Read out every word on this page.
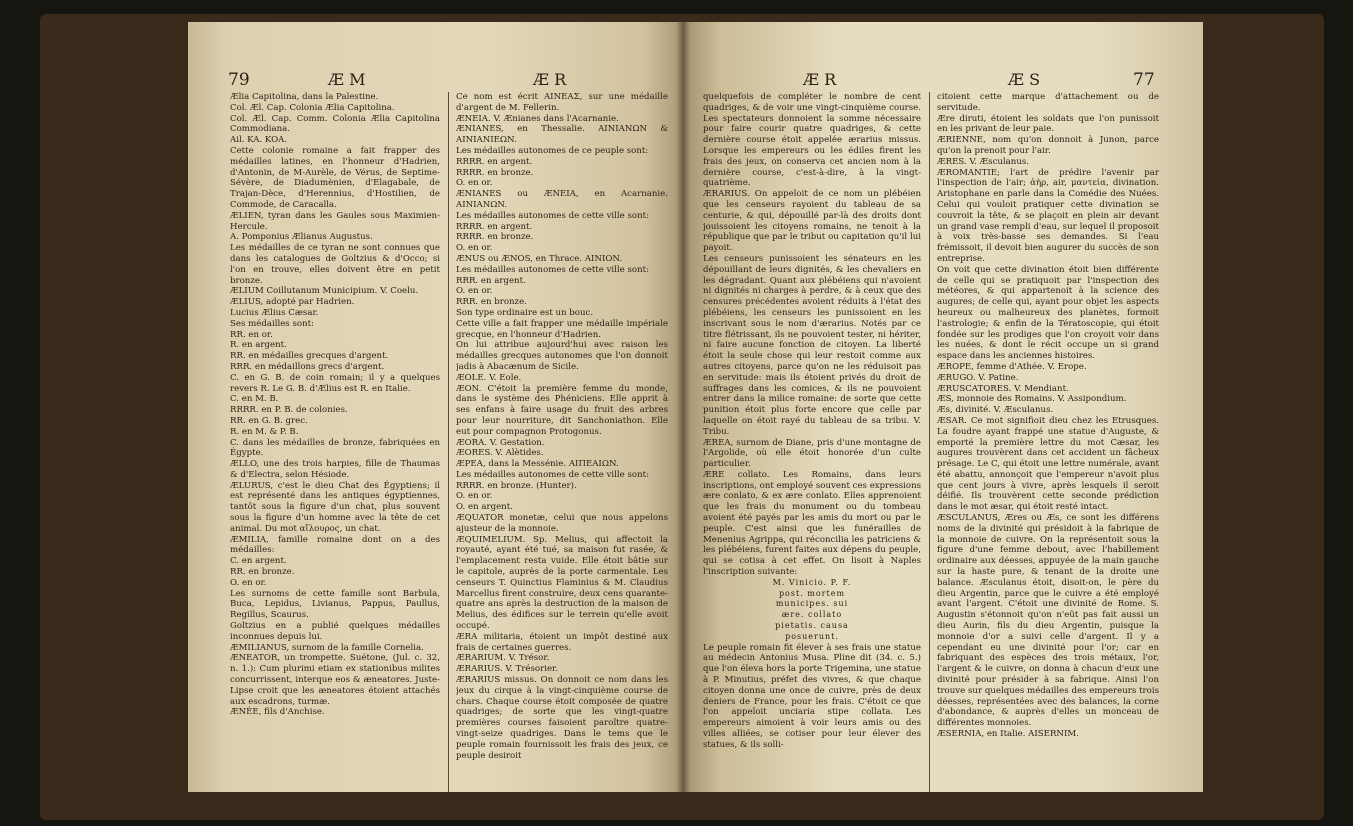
79	Æ M	Æ R

Ælia Capitolina, dans la Palestine.

Col. Æl. Cap. Colonia Ælia Capitolina.

Col. Æl. Cap. Comm. Colonia Ælia Capitolina Commodiana.

Ail. KA. KOA.

Cette colonie romaine a fait frapper des médailles latines, en l'honneur d'Hadrien, d'Antonin, de M-Aurèle, de Vérus, de Septime-Sévère, de Diadumènien, d'Elagabale, de Trajan-Dèce, d'Herennius, d'Hostilien, de Commode, de Caracalla.

ÆLIEN, tyran dans les Gaules sous Maximien-Hercule.

A. Pomponius Ælianus Augustus.

Les médailles de ce tyran ne sont connues que dans les catalogues de Goltzius & d'Occo; si l'on en trouve, elles doivent être en petit bronze.

ÆLIUM Coillutanum Municipium. V. Coelu.

ÆLIUS, adopté par Hadrien.

Lucius Ælius Cæsar.

Ses médailles sont:

RR. en or.

R. en argent.

RR. en médailles grecques d'argent.

RRR. en médaillons grecs d'argent.

C. en G. B. de coin romain; il y a quelques revers R. Le G. B. d'Ælius est R. en Italie.

C. en M. B.

RRRR. en P. B. de colonies.

RR. en G. B. grec.

R. en M. & P. B.

C. dans les médailles de bronze, fabriquées en Égypte.

ÆLLO, une des trois harpies, fille de Thaumas & d'Electra, selon Hésiode.

ÆLURUS, c'est le dieu Chat des Égyptiens; il est représenté dans les antiques égyptiennes, tantôt sous la figure d'un chat, plus souvent sous la figure d'un homme avec la tête de cet animal. Du mot αἴλουρος, un chat.

ÆMILIA, famille romaine dont on a des médailles:

C. en argent.

RR. en bronze.

O. en or.

Les surnoms de cette famille sont Barbula, Buca, Lepidus, Livianus, Pappus, Paullus, Regillus, Scaurus.

Goltzius en a publié quelques médailles inconnues depuis lui.

ÆMILIANUS, surnom de la famille Cornelia.

ÆNEATOR, un trompette. Suétone, (Jul. c. 32, n. 1.): Cum plurimi etiam ex stationibus milites concurrissent, interque eos & æneatores. Juste-Lipse croit que les æneatores étoient attachés aux escadrons, turmæ.

ÆNÉE, fils d'Anchise.

Ce nom est écrit AINEAΣ, sur une médaille d'argent de M. Fellerin.

ÆNEIA. V. Ænianes dans l'Acarnanie.

ÆNIANES, en Thessalie. AINIANΩN & AINIANIEΩN.

Les médailles autonomes de ce peuple sont:

RRRR. en argent.

RRRR. en bronze.

O. en or.

ÆNIANES ou ÆNEIA, en Acarnanie. AINIANΩN.

Les médailles autonomes de cette ville sont:

RRRR. en argent.

RRRR. en bronze.

O. en or.

ÆNUS ou ÆNOS, en Thrace. AINION.

Les médailles autonomes de cette ville sont:

RRR. en argent.

O. en or.

RRR. en bronze.

Son type ordinaire est un bouc.

Cette ville a fait frapper une médaille impériale grecque, en l'honneur d'Hadrien.

On lui attribue aujourd'hui avec raison les médailles grecques autonomes que l'on donnoit jadis à Abacænum de Sicile.

ÆOLE. V. Eole.

ÆON. C'étoit la première femme du monde, dans le système des Phéniciens. Elle apprit à ses enfans à faire usage du fruit des arbres pour leur nourriture, dit Sanchoniathon. Elle eut pour compagnon Protogonus.

ÆORA. V. Gestation.

ÆORES. V. Alètides.

ÆPEA, dans la Messénie. AIΠEAIΩN.

Les médailles autonomes de cette ville sont:

RRRR. en bronze. (Hunter).

O. en or.

O. en argent.

ÆQUATOR monetæ, celui que nous appelons ajusteur de la monnoie.

ÆQUIMELIUM. Sp. Melius, qui affectoit la royauté, ayant été tué, sa maison fut rasée, & l'emplacement resta vuide. Elle étoit bâtie sur le capitole, auprès de la porte carmentale. Les censeurs T. Quinctius Flaminius & M. Claudius Marcellus firent construire, deux cens quarante-quatre ans après la destruction de la maison de Melius, des édifices sur le terrein qu'elle avoit occupé.

ÆRA militaria, étoient un impôt destiné aux frais de certaines guerres.

ÆRARIUM. V. Trésor.

ÆRARIUS. V. Trésorier.

ÆRARIUS missus. On donnoit ce nom dans les jeux du cirque à la vingt-cinquième course de chars. Chaque course étoit composée de quatre quadriges; de sorte que les vingt-quatre premières courses faisoient paroître quatre-vingt-seize quadriges. Dans le tems que le peuple romain fournissoit les frais des jeux, ce peuple desiroit

Æ R	Æ S	77

quelquefois de compléter le nombre de cent quadriges, & de voir une vingt-cinquième course. Les spectateurs donnoient la somme nécessaire pour faire courir quatre quadriges, & cette dernière course étoit appelée ærarius missus. Lorsque les empereurs ou les édiles firent les frais des jeux, on conserva cet ancien nom à la dernière course, c'est-à-dire, à la vingt-quatrième.

ÆRARIUS. On appeloit de ce nom un plébéien que les censeurs rayoient du tableau de sa centurie, & qui, dépouillé par-là des droits dont jouissoient les citoyens romains, ne tenoit à la république que par le tribut ou capitation qu'il lui payoit.

Les censeurs punissoient les sénateurs en les dépouillant de leurs dignités, & les chevaliers en les dégradant. Quant aux plébéiens qui n'avoient ni dignités ni charges à perdre, & à ceux que des censures précédentes avoient réduits à l'état des plébéiens, les censeurs les punissoient en les inscrivant sous le nom d'ærarius. Notés par ce titre flétrissant, ils ne pouvoient tester, ni hériter, ni faire aucune fonction de citoyen. La liberté étoit la seule chose qui leur restoit comme aux autres citoyens, parce qu'on ne les réduisoit pas en servitude: mais ils étoient privés du droit de suffrages dans les comices, & ils ne pouvoient entrer dans la milice romaine: de sorte que cette punition étoit plus forte encore que celle par laquelle on étoit rayé du tableau de sa tribu. V. Tribu.

ÆREA, surnom de Diane, pris d'une montagne de l'Argolide, où elle étoit honorée d'un culte particulier.

ÆRE collato. Les Romains, dans leurs inscriptions, ont employé souvent ces expressions ære conlato, & ex ære conlato. Elles apprenoient que les frais du monument ou du tombeau avoient été payés par les amis du mort ou par le peuple. C'est ainsi que les funérailles de Menenius Agrippa, qui réconcilia les patriciens & les plébéiens, furent faites aux dépens du peuple, qui se cotisa à cet effet. On lisoit à Naples l'inscription suivante:

M. Vinicio. P. F.

post. mortem

municipes. sui

ære. collato

pietatis. causa

posuerunt.

Le peuple romain fit élever à ses frais une statue au médecin Antonius Musa. Pline dit (34. c. 5.) que l'on éleva hors la porte Trigemina, une statue à P. Minutius, préfet des vivres, & que chaque citoyen donna une once de cuivre, près de deux deniers de France, pour les frais. C'étoit ce que l'on appeloit unciaria stipe collata. Les empereurs aimoient à voir leurs amis ou des villes alliées, se cotiser pour leur élever des statues, & ils solli-

citoient cette marque d'attachement ou de servitude.

Ære diruti, étoient les soldats que l'on punissoit en les privant de leur paie.

ÆRIENNE, nom qu'on donnoit à Junon, parce qu'on la prenoit pour l'air.

ÆRES. V. Æsculanus.

ÆROMANTIE; l'art de prédire l'avenir par l'inspection de l'air; ἀὴρ, air, μαντεία, divination. Aristophane en parle dans la Comédie des Nuées. Celui qui vouloit pratiquer cette divination se couvroit la tête, & se plaçoit en plein air devant un grand vase rempli d'eau, sur lequel il proposoit à voix très-basse ses demandes. Si l'eau frémissoit, il devoit bien augurer du succès de son entreprise.

On voit que cette divination étoit bien différente de celle qui se pratiquoit par l'inspection des météores, & qui appartenoit à la science des augures; de celle qui, ayant pour objet les aspects heureux ou malheureux des planètes, formoit l'astrologie; & enfin de la Tératoscopie, qui étoit fondée sur les prodiges que l'on croyoit voir dans les nuées, & dont le récit occupe un si grand espace dans les anciennes histoires.

ÆROPE, femme d'Athée. V. Erope.

ÆRUGO. V. Patine.

ÆRUSCATORES. V. Mendiant.

ÆS, monnoie des Romains. V. Assipondium.

Æs, divinité. V. Æsculanus.

ÆSAR. Ce mot signifioit dieu chez les Etrusques. La foudre ayant frappé une statue d'Auguste, & emporté la première lettre du mot Cæsar, les augures trouvèrent dans cet accident un fâcheux présage. Le C, qui étoit une lettre numérale, avant été abattu, annonçoit que l'empereur n'avoit plus que cent jours à vivre, après lesquels il seroit déifié. Ils trouvèrent cette seconde prédiction dans le mot æsar, qui étoit resté intact.

ÆSCULANUS, Æres ou Æs, ce sont les différens noms de la divinité qui présidoit à la fabrique de la monnoie de cuivre. On la représentoit sous la figure d'une femme debout, avec l'habillement ordinaire aux déesses, appuyée de la main gauche sur la haste pure, & tenant de la droite une balance. Æsculanus étoit, disoit-on, le père du dieu Argentin, parce que le cuivre a été employé avant l'argent. C'étoit une divinité de Rome. S. Augustin s'étonnoit qu'on n'eût pas fait aussi un dieu Aurin, fils du dieu Argentin, puisque la monnoie d'or a suivi celle d'argent. Il y a cependant eu une divinité pour l'or; car en fabriquant des espèces des trois métaux, l'or, l'argent & le cuivre, on donna à chacun d'eux une divinité pour présider à sa fabrique. Ainsi l'on trouve sur quelques médailles des empereurs trois déesses, représentées avec des balances, la corne d'abondance, & auprès d'elles un monceau de différentes monnoies.

ÆSERNIA, en Italie. AISERNIM.
